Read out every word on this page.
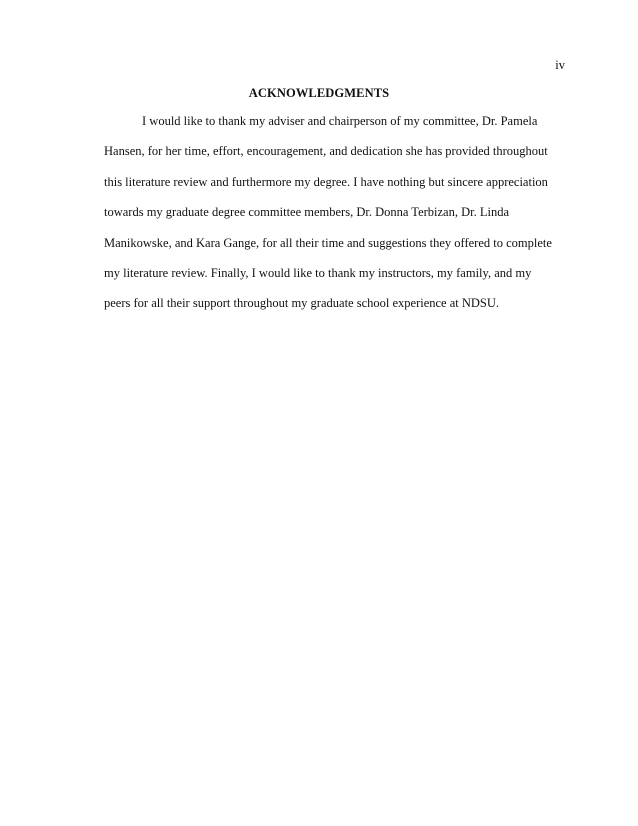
iv
ACKNOWLEDGMENTS
I would like to thank my adviser and chairperson of my committee, Dr. Pamela
Hansen, for her time, effort, encouragement, and dedication she has provided throughout
this literature review and furthermore my degree. I have nothing but sincere appreciation
towards my graduate degree committee members, Dr. Donna Terbizan, Dr. Linda
Manikowske, and Kara Gange, for all their time and suggestions they offered to complete
my literature review. Finally, I would like to thank my instructors, my family, and my
peers for all their support throughout my graduate school experience at NDSU.
